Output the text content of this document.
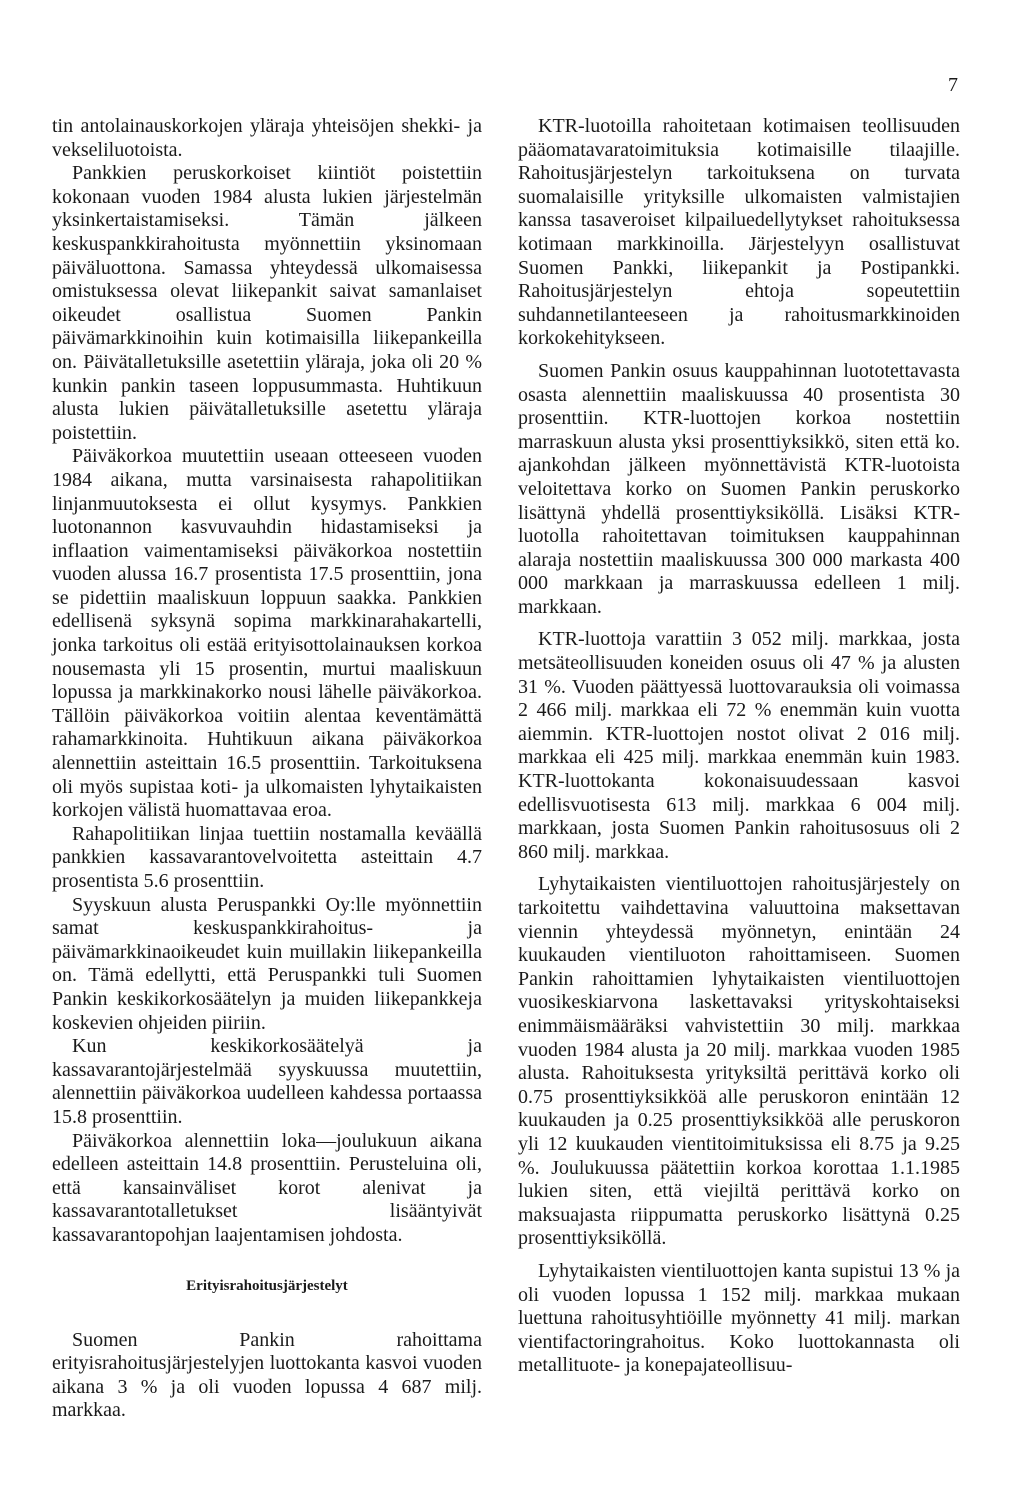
7

tin antolainauskorkojen yläraja yhteisöjen shekki- ja vekseliluotoista.

Pankkien peruskorkoiset kiintiöt poistettiin kokonaan vuoden 1984 alusta lukien järjestelmän yksinkertaistamiseksi. Tämän jälkeen keskuspankkirahoitusta myönnettiin yksinomaan päiväluottona. Samassa yhteydessä ulkomaisessa omistuksessa olevat liikepankit saivat samanlaiset oikeudet osallistua Suomen Pankin päivämarkkinoihin kuin kotimaisilla liikepankeilla on. Päivätalletuksille asetettiin yläraja, joka oli 20 % kunkin pankin taseen loppusummasta. Huhtikuun alusta lukien päivätalletuksille asetettu yläraja poistettiin.

Päiväkorkoa muutettiin useaan otteeseen vuoden 1984 aikana, mutta varsinaisesta rahapolitiikan linjanmuutoksesta ei ollut kysymys. Pankkien luotonannon kasvuvauhdin hidastamiseksi ja inflaation vaimentamiseksi päiväkorkoa nostettiin vuoden alussa 16.7 prosentista 17.5 prosenttiin, jona se pidettiin maaliskuun loppuun saakka. Pankkien edellisenä syksynä sopima markkinarahakartelli, jonka tarkoitus oli estää erityisottolainauksen korkoa nousemasta yli 15 prosentin, murtui maaliskuun lopussa ja markkinakorko nousi lähelle päiväkorkoa. Tällöin päiväkorkoa voitiin alentaa keventämättä rahamarkkinoita. Huhtikuun aikana päiväkorkoa alennettiin asteittain 16.5 prosenttiin. Tarkoituksena oli myös supistaa koti- ja ulkomaisten lyhytaikaisten korkojen välistä huomattavaa eroa.

Rahapolitiikan linjaa tuettiin nostamalla keväällä pankkien kassavarantovelvoitetta asteittain 4.7 prosentista 5.6 prosenttiin.

Syyskuun alusta Peruspankki Oy:lle myönnettiin samat keskuspankkirahoitus- ja päivämarkkinaoikeudet kuin muillakin liikepankeilla on. Tämä edellytti, että Peruspankki tuli Suomen Pankin keskikorkosäätelyn ja muiden liikepankkeja koskevien ohjeiden piiriin.

Kun keskikorkosäätelyä ja kassavarantojärjestelmää syyskuussa muutettiin, alennettiin päiväkorkoa uudelleen kahdessa portaassa 15.8 prosenttiin.

Päiväkorkoa alennettiin loka—joulukuun aikana edelleen asteittain 14.8 prosenttiin. Perusteluina oli, että kansainväliset korot alenivat ja kassavarantotalletukset lisääntyivät kassavarantopohjan laajentamisen johdosta.

Erityisrahoitusjärjestelyt

Suomen Pankin rahoittama erityisrahoitusjärjestelyjen luottokanta kasvoi vuoden aikana 3 % ja oli vuoden lopussa 4 687 milj. markkaa.

KTR-luotoilla rahoitetaan kotimaisen teollisuuden pääomatavaratoimituksia kotimaisille tilaajille. Rahoitusjärjestelyn tarkoituksena on turvata suomalaisille yrityksille ulkomaisten valmistajien kanssa tasaveroiset kilpailuedellytykset rahoituksessa kotimaan markkinoilla. Järjestelyyn osallistuvat Suomen Pankki, liikepankit ja Postipankki. Rahoitusjärjestelyn ehtoja sopeutettiin suhdannetilanteeseen ja rahoitusmarkkinoiden korkokehitykseen.

Suomen Pankin osuus kauppahinnan luototettavasta osasta alennettiin maaliskuussa 40 prosentista 30 prosenttiin. KTR-luottojen korkoa nostettiin marraskuun alusta yksi prosenttiyksikkö, siten että ko. ajankohdan jälkeen myönnettävistä KTR-luotoista veloitettava korko on Suomen Pankin peruskorko lisättynä yhdellä prosenttiyksiköllä. Lisäksi KTR-luotolla rahoitettavan toimituksen kauppahinnan alaraja nostettiin maaliskuussa 300 000 markasta 400 000 markkaan ja marraskuussa edelleen 1 milj. markkaan.

KTR-luottoja varattiin 3 052 milj. markkaa, josta metsäteollisuuden koneiden osuus oli 47 % ja alusten 31 %. Vuoden päättyessä luottovarauksia oli voimassa 2 466 milj. markkaa eli 72 % enemmän kuin vuotta aiemmin. KTR-luottojen nostot olivat 2 016 milj. markkaa eli 425 milj. markkaa enemmän kuin 1983. KTR-luottokanta kokonaisuudessaan kasvoi edellisvuotisesta 613 milj. markkaa 6 004 milj. markkaan, josta Suomen Pankin rahoitusosuus oli 2 860 milj. markkaa.

Lyhytaikaisten vientiluottojen rahoitusjärjestely on tarkoitettu vaihdettavina valuuttoina maksettavan viennin yhteydessä myönnetyn, enintään 24 kuukauden vientiluoton rahoittamiseen. Suomen Pankin rahoittamien lyhytaikaisten vientiluottojen vuosikeskiarvona laskettavaksi yrityskohtaiseksi enimmäismääräksi vahvistettiin 30 milj. markkaa vuoden 1984 alusta ja 20 milj. markkaa vuoden 1985 alusta. Rahoituksesta yrityksiltä perittävä korko oli 0.75 prosenttiyksikköä alle peruskoron enintään 12 kuukauden ja 0.25 prosenttiyksikköä alle peruskoron yli 12 kuukauden vientitoimituksissa eli 8.75 ja 9.25 %. Joulukuussa päätettiin korkoa korottaa 1.1.1985 lukien siten, että viejiltä perittävä korko on maksuajasta riippumatta peruskorko lisättynä 0.25 prosenttiyksiköllä.

Lyhytaikaisten vientiluottojen kanta supistui 13 % ja oli vuoden lopussa 1 152 milj. markkaa mukaan luettuna rahoitusyhtiöille myönnetty 41 milj. markan vientifactoringrahoitus. Koko luottokannasta oli metallituote- ja konepajateollisuu-
